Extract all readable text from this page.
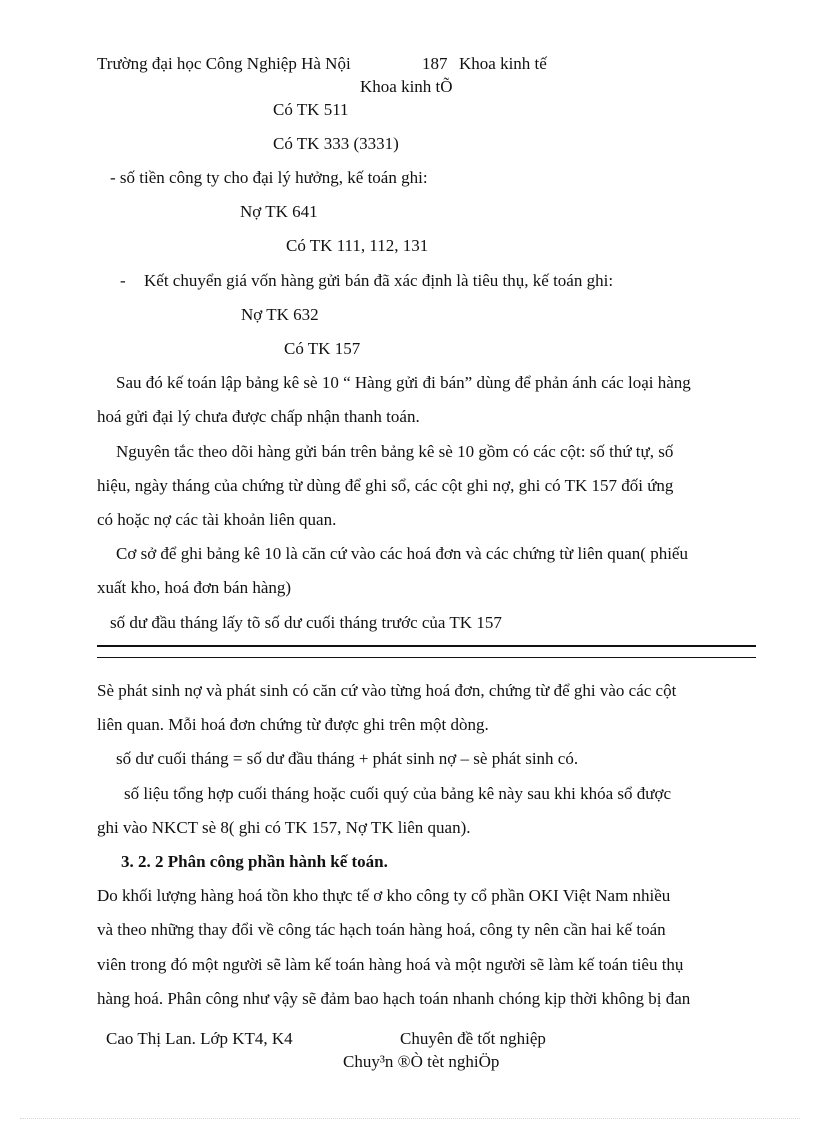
Trường đại học Công Nghiệp Hà Nội	187 Khoa kinh tế
Khoa kinh tÕ
Có TK 511
Có TK 333 (3331)
- số tiền công ty cho đại lý hưởng, kế toán ghi:
Nợ TK 641
Có TK 111, 112, 131
- Kết chuyển giá vốn hàng gửi bán đã xác định là tiêu thụ, kế toán ghi:
Nợ TK 632
Có TK 157
Sau đó kế toán lập bảng kê sè 10 “ Hàng gửi đi bán” dùng để phản ánh các loại hàng
hoá gửi đại lý chưa được chấp nhận thanh toán.
Nguyên tắc theo dõi hàng gửi bán trên bảng kê sè 10 gồm có các cột: số thứ tự, số
hiệu, ngày tháng của chứng từ dùng để ghi sổ, các cột ghi nợ, ghi có TK 157 đối ứng
có hoặc nợ các tài khoản liên quan.
Cơ sở để ghi bảng kê 10 là căn cứ vào các hoá đơn và các chứng từ liên quan( phiếu
xuất kho, hoá đơn bán hàng)
số dư đầu tháng lấy tõ số dư cuối tháng trước của TK 157
Sè phát sinh nợ và phát sinh có căn cứ vào từng hoá đơn, chứng từ để ghi vào các cột
liên quan. Mỗi hoá đơn chứng từ được ghi trên một dòng.
số dư cuối tháng = số dư đầu tháng + phát sinh nợ – sè phát sinh có.
số liệu tổng hợp cuối tháng hoặc cuối quý của bảng kê này sau khi khóa sổ được
ghi vào NKCT sè 8( ghi có TK 157, Nợ TK liên quan).
3. 2. 2 Phân công phần hành kế toán.
Do khối lượng hàng hoá tồn kho thực tế ơ kho công ty cổ phần OKI Việt Nam nhiều
và theo những thay đổi về công tác hạch toán hàng hoá, công ty nên cần hai kế toán
viên trong đó một người sẽ làm kế toán hàng hoá và một người sẽ làm kế toán tiêu thụ
hàng hoá. Phân công như vậy sẽ đảm bao hạch toán nhanh chóng kịp thời không bị đan
Cao Thị Lan. Lớp KT4, K4	Chuyên đề tốt nghiệp
Chuy³n ®Ò tèt nghiÖp
